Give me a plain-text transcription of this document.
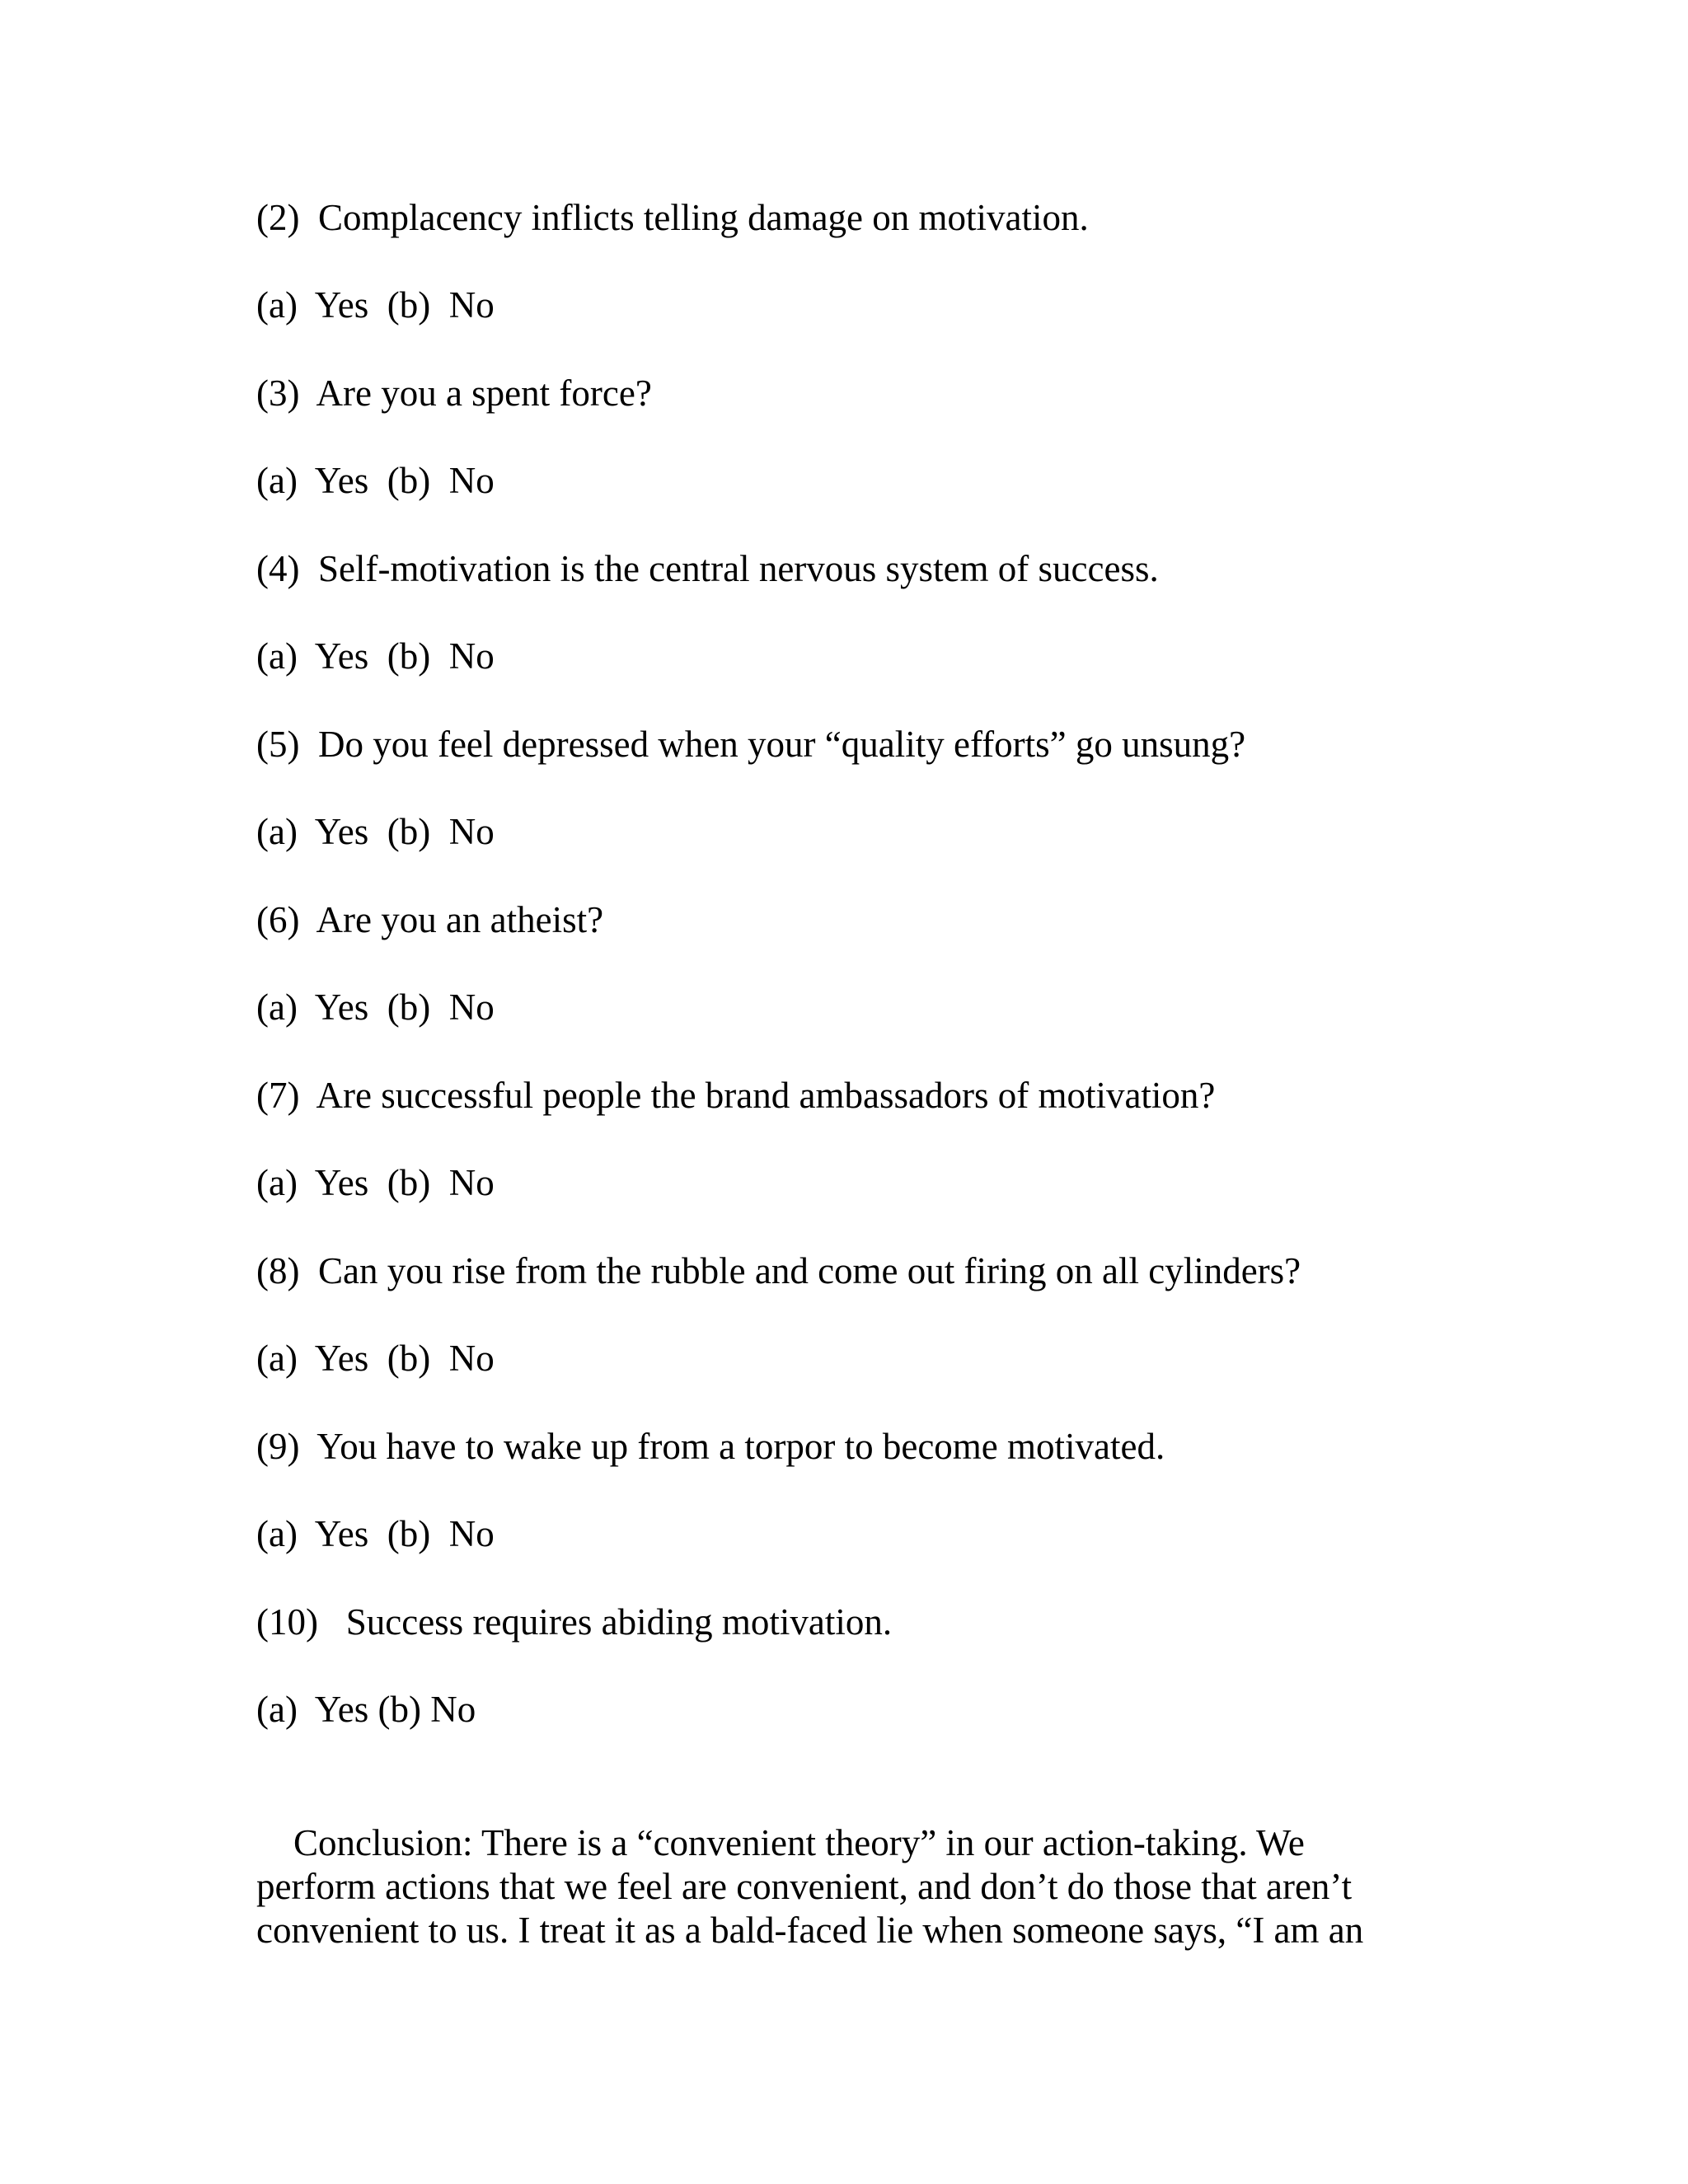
(2)  Complacency inflicts telling damage on motivation.
(a)  Yes  (b)  No
(3)  Are you a spent force?
(a)  Yes  (b)  No
(4)  Self-motivation is the central nervous system of success.
(a)  Yes  (b)  No
(5)  Do you feel depressed when your “quality efforts” go unsung?
(a)  Yes  (b)  No
(6)  Are you an atheist?
(a)  Yes  (b)  No
(7)  Are successful people the brand ambassadors of motivation?
(a)  Yes  (b)  No
(8)  Can you rise from the rubble and come out firing on all cylinders?
(a)  Yes  (b)  No
(9)  You have to wake up from a torpor to become motivated.
(a)  Yes  (b)  No
(10)   Success requires abiding motivation.
(a)  Yes (b) No
Conclusion: There is a “convenient theory” in our action-taking. We
perform actions that we feel are convenient, and don’t do those that aren’t
convenient to us. I treat it as a bald-faced lie when someone says, “I am an
